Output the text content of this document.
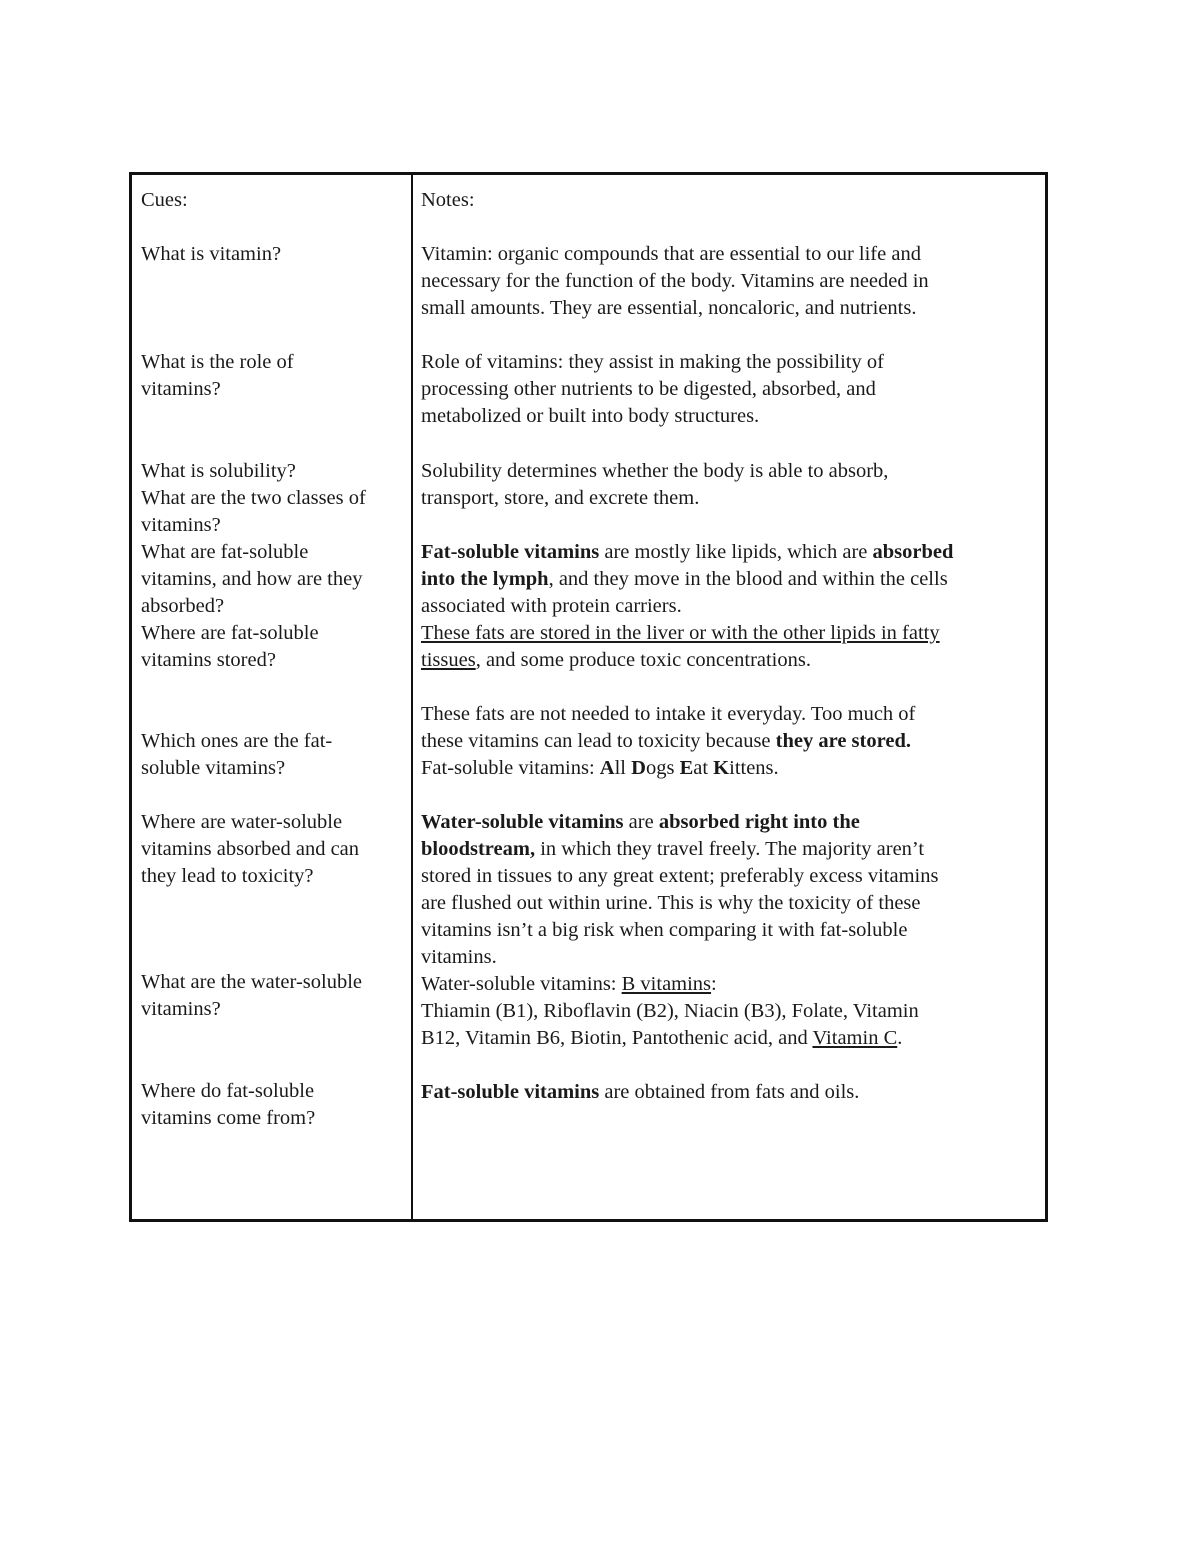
Cues:
What is vitamin?
What is the role of
vitamins?
What is solubility?
What are the two classes of
vitamins?
What are fat-soluble
vitamins, and how are they
absorbed?
Where are fat-soluble
vitamins stored?
Which ones are the fat-
soluble vitamins?
Where are water-soluble
vitamins absorbed and can
they lead to toxicity?
What are the water-soluble
vitamins?
Where do fat-soluble
vitamins come from?
Notes:
Vitamin: organic compounds that are essential to our life and
necessary for the function of the body. Vitamins are needed in
small amounts. They are essential, noncaloric, and nutrients.
Role of vitamins: they assist in making the possibility of
processing other nutrients to be digested, absorbed, and
metabolized or built into body structures.
Solubility determines whether the body is able to absorb,
transport, store, and excrete them.
Fat-soluble vitamins are mostly like lipids, which are absorbed
into the lymph, and they move in the blood and within the cells
associated with protein carriers.
These fats are stored in the liver or with the other lipids in fatty
tissues, and some produce toxic concentrations.
These fats are not needed to intake it everyday. Too much of
these vitamins can lead to toxicity because they are stored.
Fat-soluble vitamins: All Dogs Eat Kittens.
Water-soluble vitamins are absorbed right into the
bloodstream, in which they travel freely. The majority aren’t
stored in tissues to any great extent; preferably excess vitamins
are flushed out within urine. This is why the toxicity of these
vitamins isn’t a big risk when comparing it with fat-soluble
vitamins.
Water-soluble vitamins: B vitamins:
Thiamin (B1), Riboflavin (B2), Niacin (B3), Folate, Vitamin
B12, Vitamin B6, Biotin, Pantothenic acid, and Vitamin C.
Fat-soluble vitamins are obtained from fats and oils.
